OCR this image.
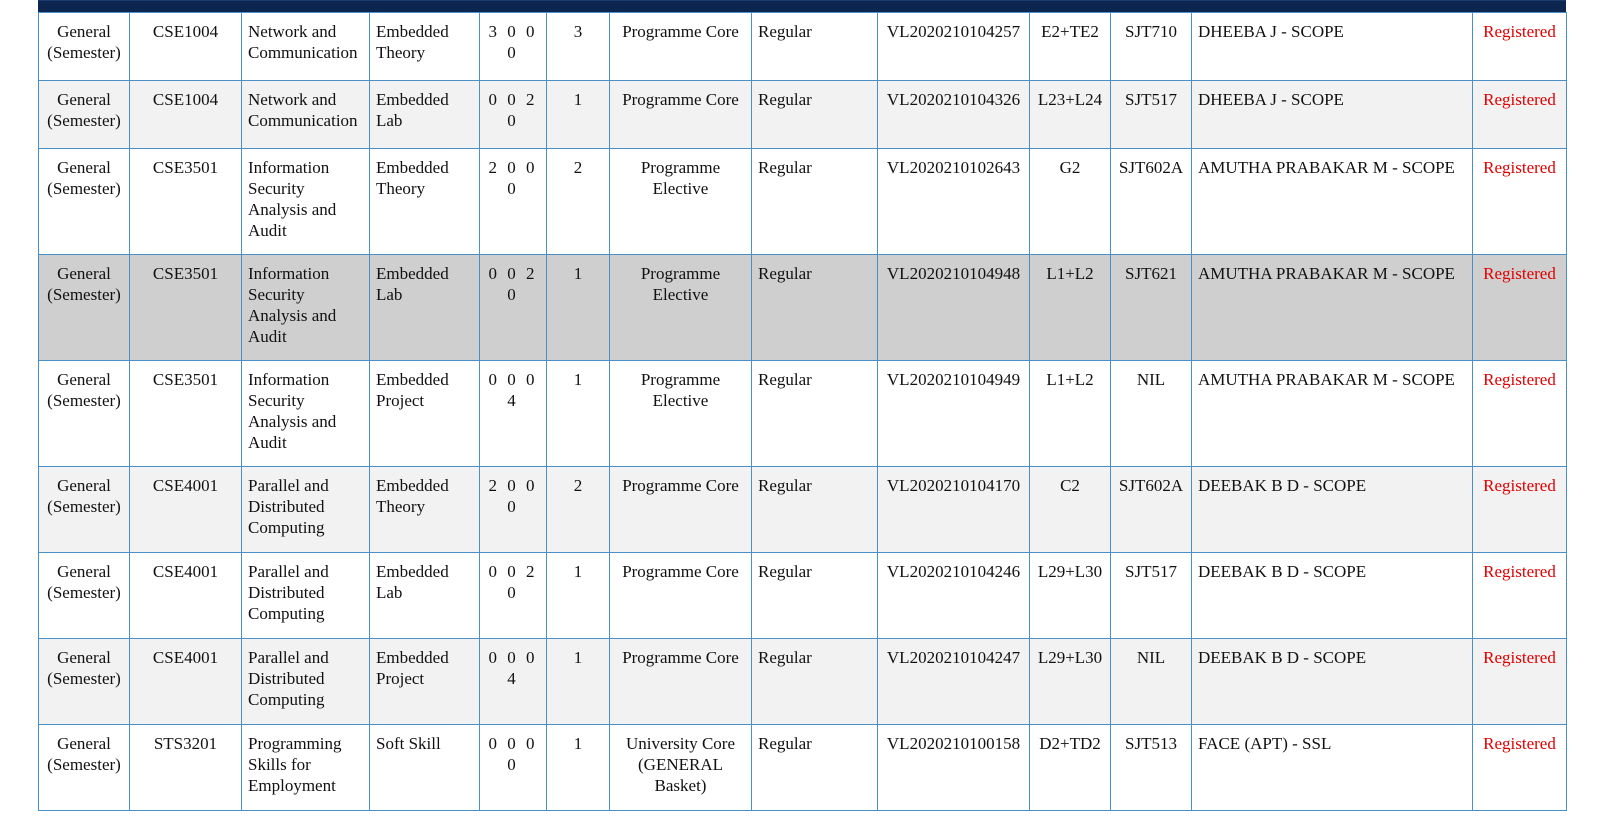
General (Semester)	CSE1004	Network and Communication	Embedded Theory	3 0 0 0	3	Programme Core	Regular	VL2020210104257	E2+TE2	SJT710	DHEEBA J - SCOPE	Registered
General (Semester)	CSE1004	Network and Communication	Embedded Lab	0 0 2 0	1	Programme Core	Regular	VL2020210104326	L23+L24	SJT517	DHEEBA J - SCOPE	Registered
General (Semester)	CSE3501	Information Security Analysis and Audit	Embedded Theory	2 0 0 0	2	Programme Elective	Regular	VL2020210102643	G2	SJT602A	AMUTHA PRABAKAR M - SCOPE	Registered
General (Semester)	CSE3501	Information Security Analysis and Audit	Embedded Lab	0 0 2 0	1	Programme Elective	Regular	VL2020210104948	L1+L2	SJT621	AMUTHA PRABAKAR M - SCOPE	Registered
General (Semester)	CSE3501	Information Security Analysis and Audit	Embedded Project	0 0 0 4	1	Programme Elective	Regular	VL2020210104949	L1+L2	NIL	AMUTHA PRABAKAR M - SCOPE	Registered
General (Semester)	CSE4001	Parallel and Distributed Computing	Embedded Theory	2 0 0 0	2	Programme Core	Regular	VL2020210104170	C2	SJT602A	DEEBAK B D - SCOPE	Registered
General (Semester)	CSE4001	Parallel and Distributed Computing	Embedded Lab	0 0 2 0	1	Programme Core	Regular	VL2020210104246	L29+L30	SJT517	DEEBAK B D - SCOPE	Registered
General (Semester)	CSE4001	Parallel and Distributed Computing	Embedded Project	0 0 0 4	1	Programme Core	Regular	VL2020210104247	L29+L30	NIL	DEEBAK B D - SCOPE	Registered
General (Semester)	STS3201	Programming Skills for Employment	Soft Skill	0 0 0 0	1	University Core (GENERAL Basket)	Regular	VL2020210100158	D2+TD2	SJT513	FACE (APT) - SSL	Registered
